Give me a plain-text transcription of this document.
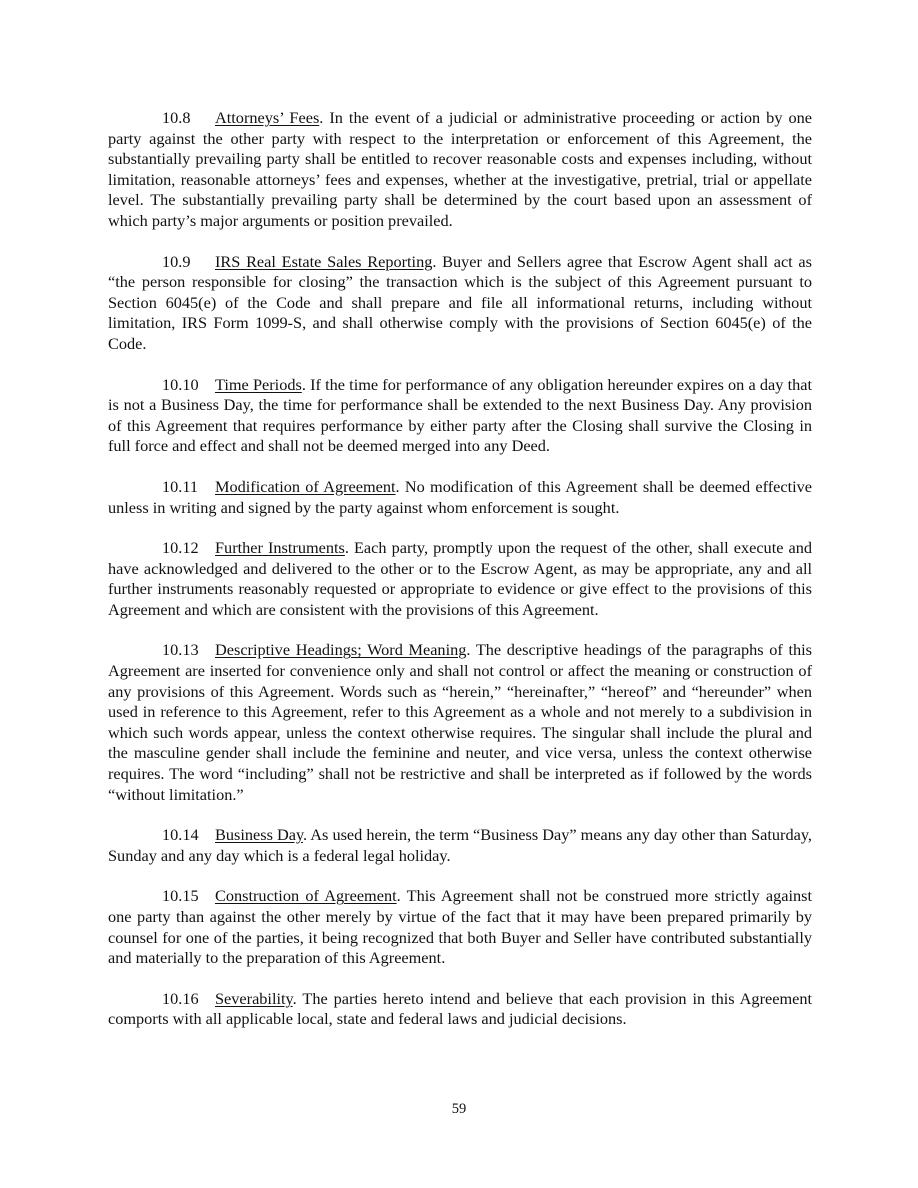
10.8 Attorneys’ Fees. In the event of a judicial or administrative proceeding or action by one party against the other party with respect to the interpretation or enforcement of this Agreement, the substantially prevailing party shall be entitled to recover reasonable costs and expenses including, without limitation, reasonable attorneys’ fees and expenses, whether at the investigative, pretrial, trial or appellate level. The substantially prevailing party shall be determined by the court based upon an assessment of which party’s major arguments or position prevailed.

10.9 IRS Real Estate Sales Reporting. Buyer and Sellers agree that Escrow Agent shall act as “the person responsible for closing” the transaction which is the subject of this Agreement pursuant to Section 6045(e) of the Code and shall prepare and file all informational returns, including without limitation, IRS Form 1099-S, and shall otherwise comply with the provisions of Section 6045(e) of the Code.

10.10 Time Periods. If the time for performance of any obligation hereunder expires on a day that is not a Business Day, the time for performance shall be extended to the next Business Day. Any provision of this Agreement that requires performance by either party after the Closing shall survive the Closing in full force and effect and shall not be deemed merged into any Deed.

10.11 Modification of Agreement. No modification of this Agreement shall be deemed effective unless in writing and signed by the party against whom enforcement is sought.

10.12 Further Instruments. Each party, promptly upon the request of the other, shall execute and have acknowledged and delivered to the other or to the Escrow Agent, as may be appropriate, any and all further instruments reasonably requested or appropriate to evidence or give effect to the provisions of this Agreement and which are consistent with the provisions of this Agreement.

10.13 Descriptive Headings; Word Meaning. The descriptive headings of the paragraphs of this Agreement are inserted for convenience only and shall not control or affect the meaning or construction of any provisions of this Agreement. Words such as “herein,” “hereinafter,” “hereof” and “hereunder” when used in reference to this Agreement, refer to this Agreement as a whole and not merely to a subdivision in which such words appear, unless the context otherwise requires. The singular shall include the plural and the masculine gender shall include the feminine and neuter, and vice versa, unless the context otherwise requires. The word “including” shall not be restrictive and shall be interpreted as if followed by the words “without limitation.”

10.14 Business Day. As used herein, the term “Business Day” means any day other than Saturday, Sunday and any day which is a federal legal holiday.

10.15 Construction of Agreement. This Agreement shall not be construed more strictly against one party than against the other merely by virtue of the fact that it may have been prepared primarily by counsel for one of the parties, it being recognized that both Buyer and Seller have contributed substantially and materially to the preparation of this Agreement.

10.16 Severability. The parties hereto intend and believe that each provision in this Agreement comports with all applicable local, state and federal laws and judicial decisions.

59
